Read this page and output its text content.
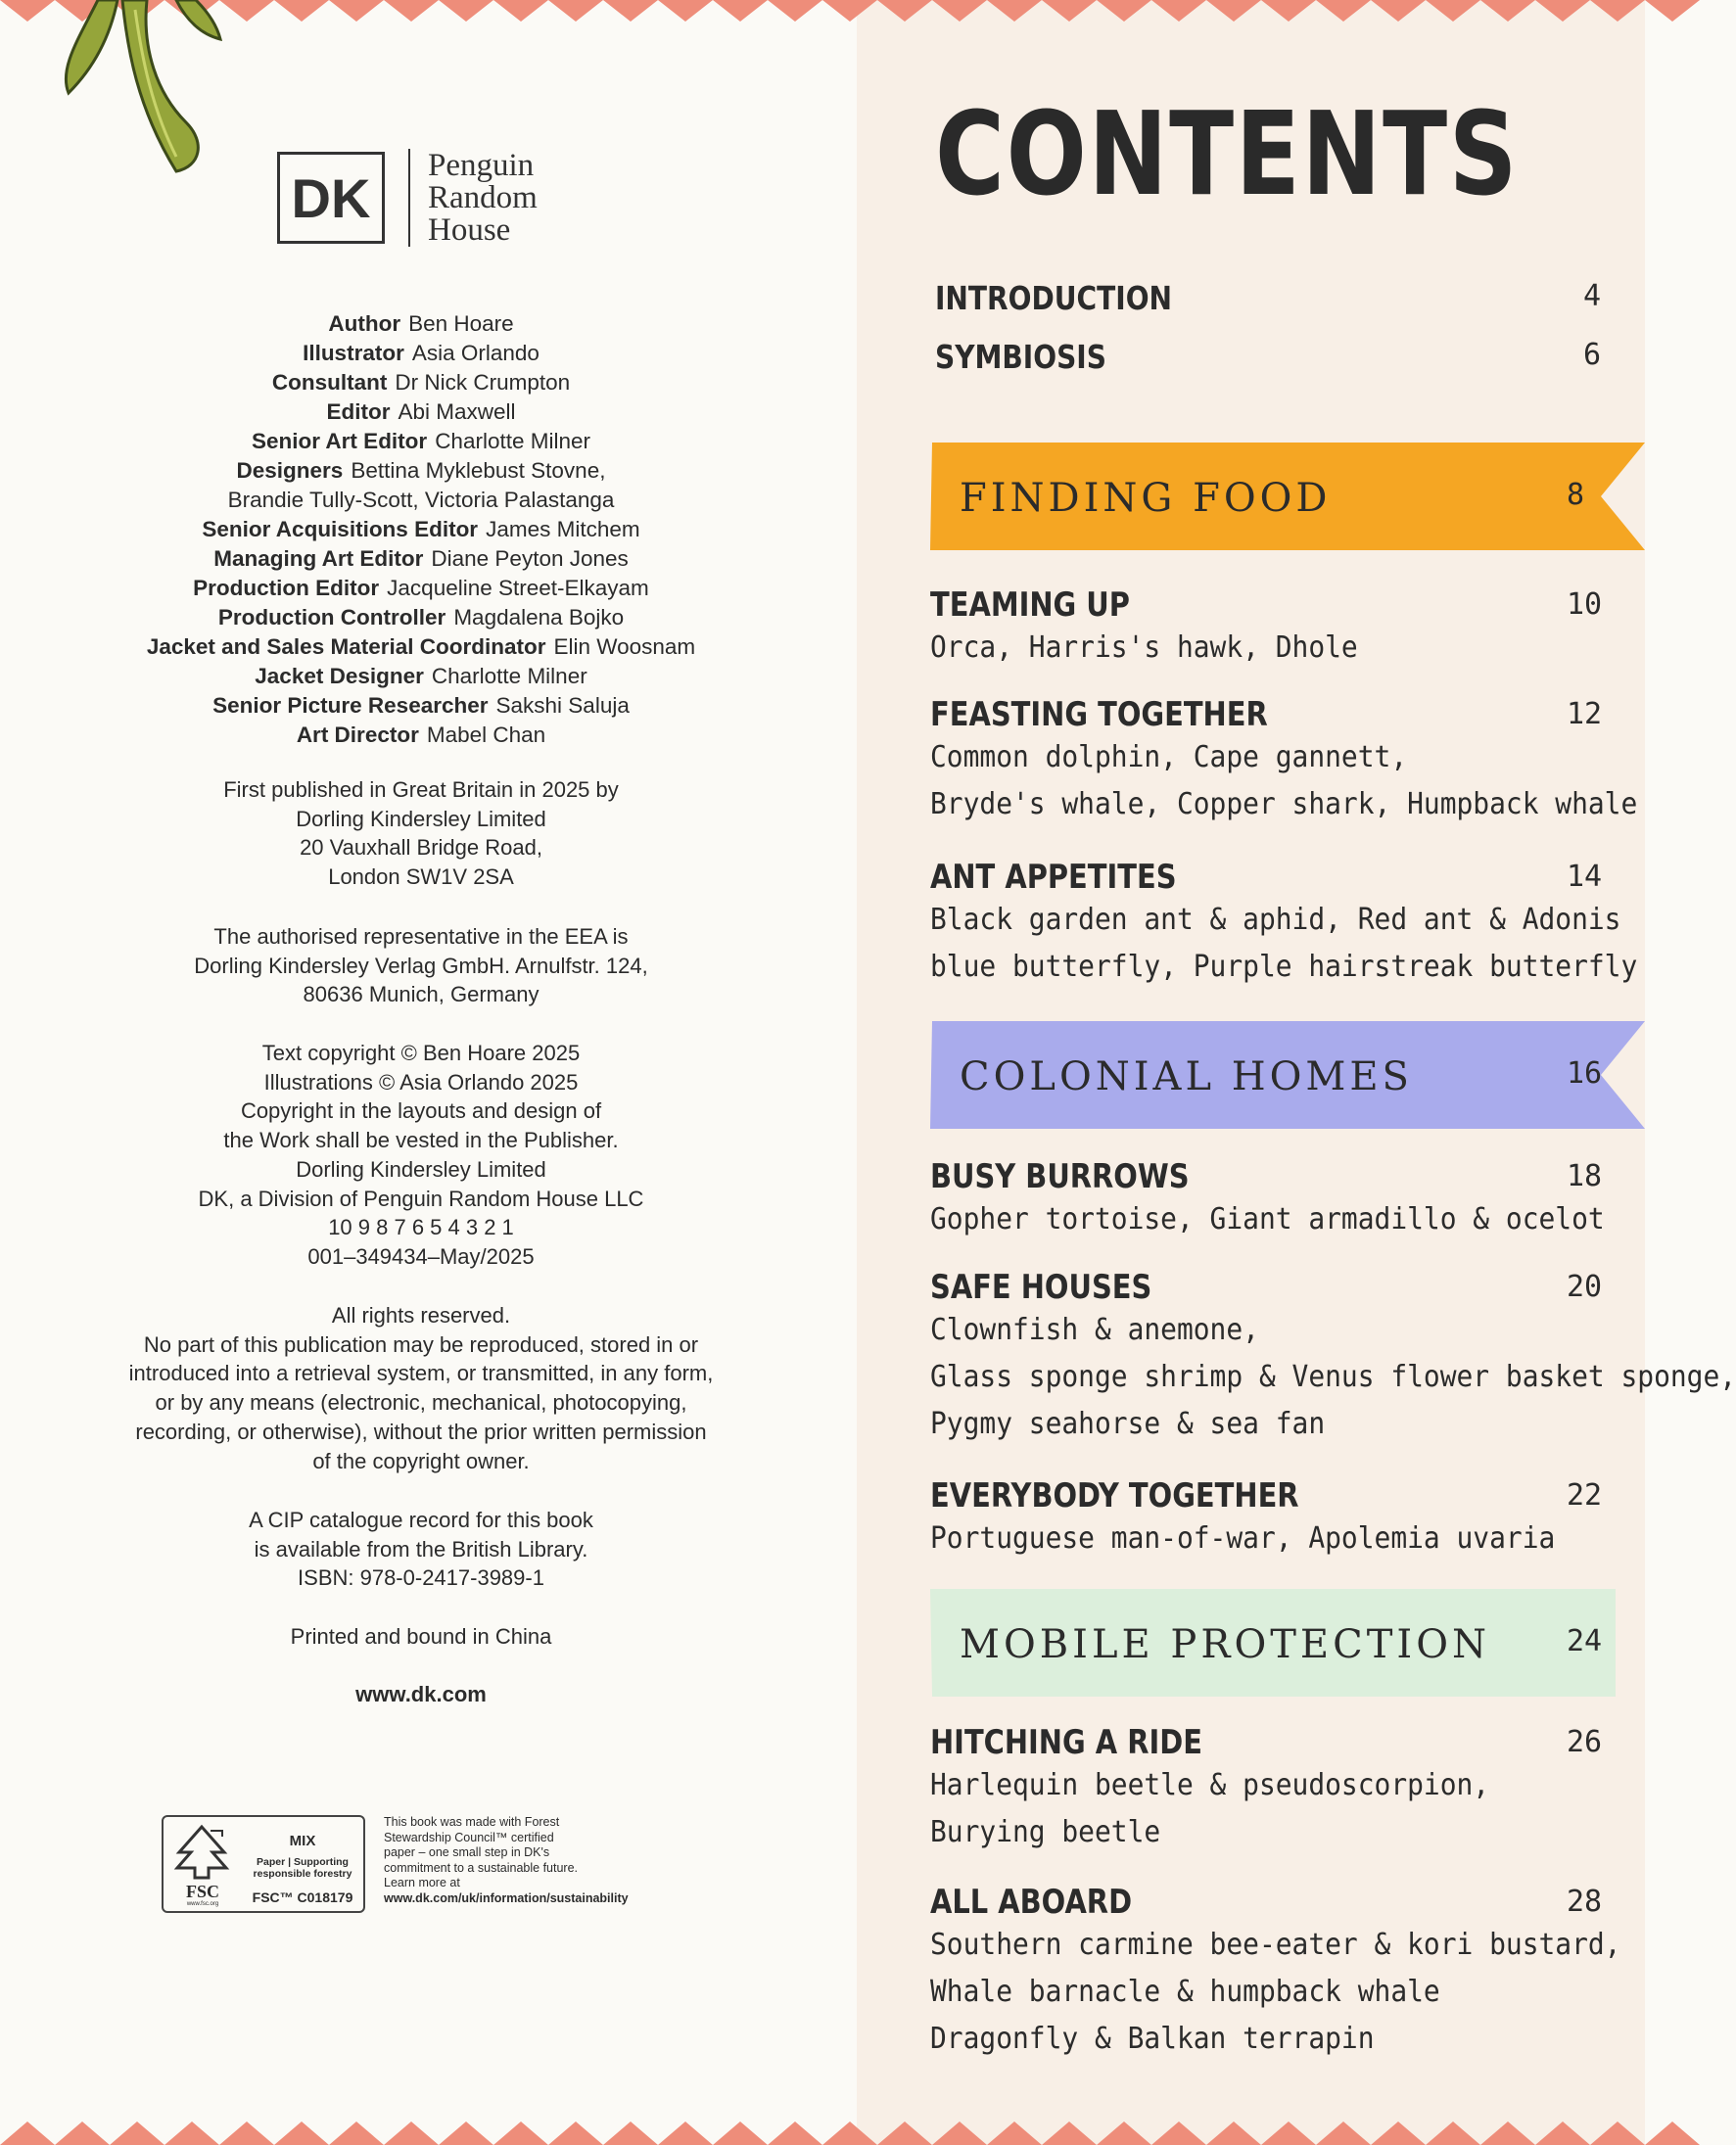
DK
Penguin
Random
House
Author Ben Hoare
Illustrator Asia Orlando
Consultant Dr Nick Crumpton
Editor Abi Maxwell
Senior Art Editor Charlotte Milner
Designers Bettina Myklebust Stovne,
Brandie Tully-Scott, Victoria Palastanga
Senior Acquisitions Editor James Mitchem
Managing Art Editor Diane Peyton Jones
Production Editor Jacqueline Street-Elkayam
Production Controller Magdalena Bojko
Jacket and Sales Material Coordinator Elin Woosnam
Jacket Designer Charlotte Milner
Senior Picture Researcher Sakshi Saluja
Art Director Mabel Chan
First published in Great Britain in 2025 by
Dorling Kindersley Limited
20 Vauxhall Bridge Road,
London SW1V 2SA
The authorised representative in the EEA is
Dorling Kindersley Verlag GmbH. Arnulfstr. 124,
80636 Munich, Germany
Text copyright © Ben Hoare 2025
Illustrations © Asia Orlando 2025
Copyright in the layouts and design of
the Work shall be vested in the Publisher.
Dorling Kindersley Limited
DK, a Division of Penguin Random House LLC
10 9 8 7 6 5 4 3 2 1
001–349434–May/2025
All rights reserved.
No part of this publication may be reproduced, stored in or
introduced into a retrieval system, or transmitted, in any form,
or by any means (electronic, mechanical, photocopying,
recording, or otherwise), without the prior written permission
of the copyright owner.
A CIP catalogue record for this book
is available from the British Library.
ISBN: 978-0-2417-3989-1
Printed and bound in China
www.dk.com
FSC
www.fsc.org
MIX
Paper | Supporting
responsible forestry
FSC™ C018179
This book was made with Forest
Stewardship Council™ certified
paper – one small step in DK's
commitment to a sustainable future.
Learn more at
www.dk.com/uk/information/sustainability
CONTENTS
INTRODUCTION	4
SYMBIOSIS	6
FINDING FOOD	8
TEAMING UP	10
Orca, Harris's hawk, Dhole
FEASTING TOGETHER	12
Common dolphin, Cape gannett,
Bryde's whale, Copper shark, Humpback whale
ANT APPETITES	14
Black garden ant & aphid, Red ant & Adonis
blue butterfly, Purple hairstreak butterfly
COLONIAL HOMES	16
BUSY BURROWS	18
Gopher tortoise, Giant armadillo & ocelot
SAFE HOUSES	20
Clownfish & anemone,
Glass sponge shrimp & Venus flower basket sponge,
Pygmy seahorse & sea fan
EVERYBODY TOGETHER	22
Portuguese man-of-war, Apolemia uvaria
MOBILE PROTECTION	24
HITCHING A RIDE	26
Harlequin beetle & pseudoscorpion,
Burying beetle
ALL ABOARD	28
Southern carmine bee-eater & kori bustard,
Whale barnacle & humpback whale
Dragonfly & Balkan terrapin
